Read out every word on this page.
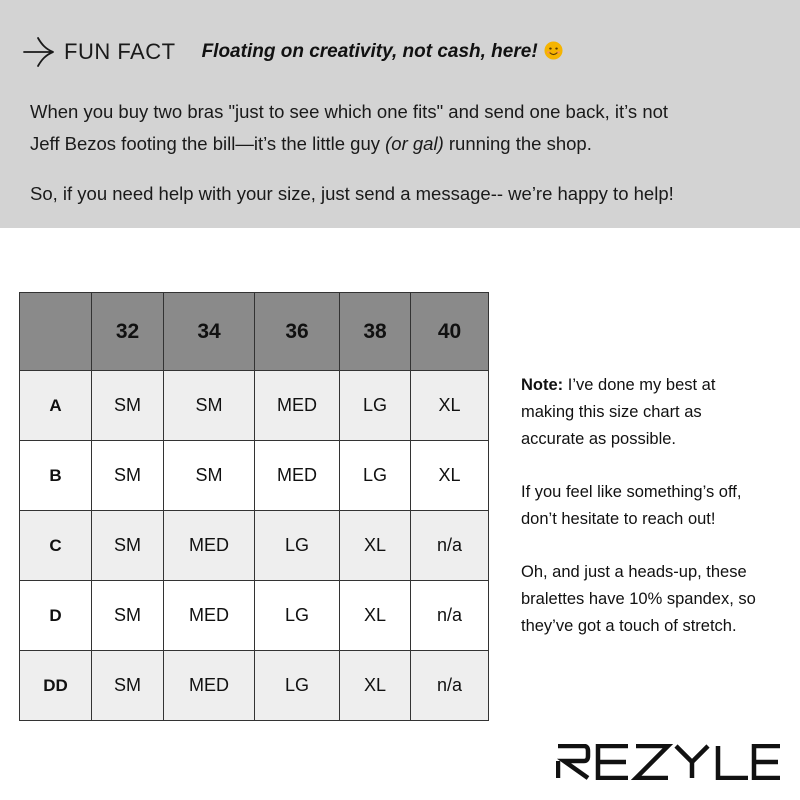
FUN FACT Floating on creativity, not cash, here!
When you buy two bras "just to see which one fits" and send one back, it’s not
Jeff Bezos footing the bill—it’s the little guy (or gal) running the shop.
So, if you need help with your size, just send a message-- we’re happy to help!
	32	34	36	38	40
A	SM	SM	MED	LG	XL
B	SM	SM	MED	LG	XL
C	SM	MED	LG	XL	n/a
D	SM	MED	LG	XL	n/a
DD	SM	MED	LG	XL	n/a
Note: I’ve done my best at
making this size chart as
accurate as possible.
If you feel like something’s off,
don’t hesitate to reach out!
Oh, and just a heads-up, these
bralettes have 10% spandex, so
they’ve got a touch of stretch.
